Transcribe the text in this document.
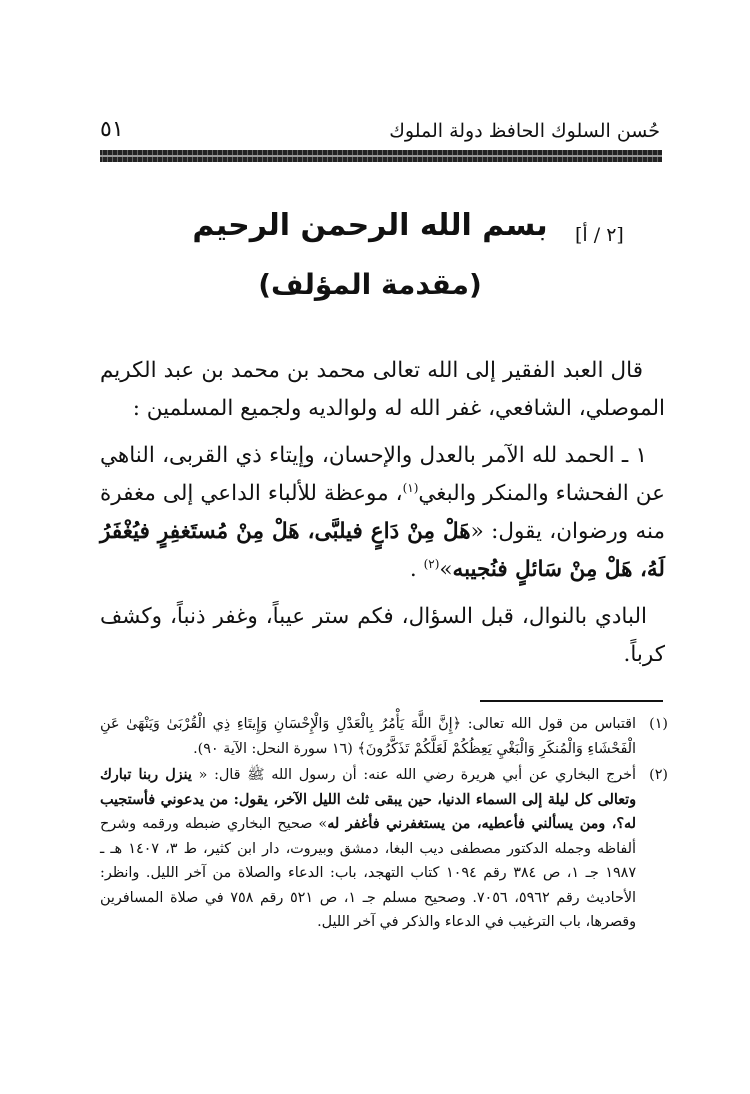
حُسن السلوك الحافظ دولة الملوك
٥١
بسم الله الرحمن الرحيم	[٢ / أ]
(مقدمة المؤلف)

قال العبد الفقير إلى الله تعالى محمد بن محمد بن عبد الكريم الموصلي، الشافعي، غفر الله له ولوالديه ولجميع المسلمين :

١ ـ الحمد لله الآمر بالعدل والإحسان، وإيتاء ذي القربى، الناهي عن الفحشاء والمنكر والبغي$^{(١)}$، موعظة للألباء الداعي إلى مغفرة منه ورضوان، يقول: «هَلْ مِنْ دَاعٍ فيلبَّى، هَلْ مِنْ مُستَغفِرٍ فيُغْفَرُ لَهُ، هَلْ مِنْ سَائلٍ فنُجيبه»$^{(٢)}$ .

البادي بالنوال، قبل السؤال، فكم ستر عيباً، وغفر ذنباً، وكشف كرباً.

(١)
اقتباس من قول الله تعالى: ﴿إِنَّ اللَّهَ يَأْمُرُ بِالْعَدْلِ وَالْإِحْسَانِ وَإِيتَاءِ ذِي الْقُرْبَىٰ وَيَنْهَىٰ عَنِ الْفَحْشَاءِ وَالْمُنكَرِ وَالْبَغْيِ يَعِظُكُمْ لَعَلَّكُمْ تَذَكَّرُونَ﴾ (١٦ سورة النحل: الآية ٩٠).
(٢)
أخرج البخاري عن أبي هريرة رضي الله عنه: أن رسول الله ﷺ قال: « ينزل ربنا تبارك وتعالى كل ليلة إلى السماء الدنيا، حين يبقى ثلث الليل الآخر، يقول: من يدعوني فأستجيب له؟، ومن يسألني فأعطيه، من يستغفرني فأغفر له» صحيح البخاري ضبطه ورقمه وشرح ألفاظه وجمله الدكتور مصطفى ديب البغا، دمشق وبيروت، دار ابن كثير، ط ٣، ١٤٠٧ هـ ـ ١٩٨٧ جـ ١، ص ٣٨٤ رقم ١٠٩٤ كتاب التهجد، باب: الدعاء والصلاة من آخر الليل. وانظر: الأحاديث رقم ٥٩٦٢، ٧٠٥٦. وصحيح مسلم جـ ١، ص ٥٢١ رقم ٧٥٨ في صلاة المسافرين وقصرها، باب الترغيب في الدعاء والذكر في آخر الليل.
